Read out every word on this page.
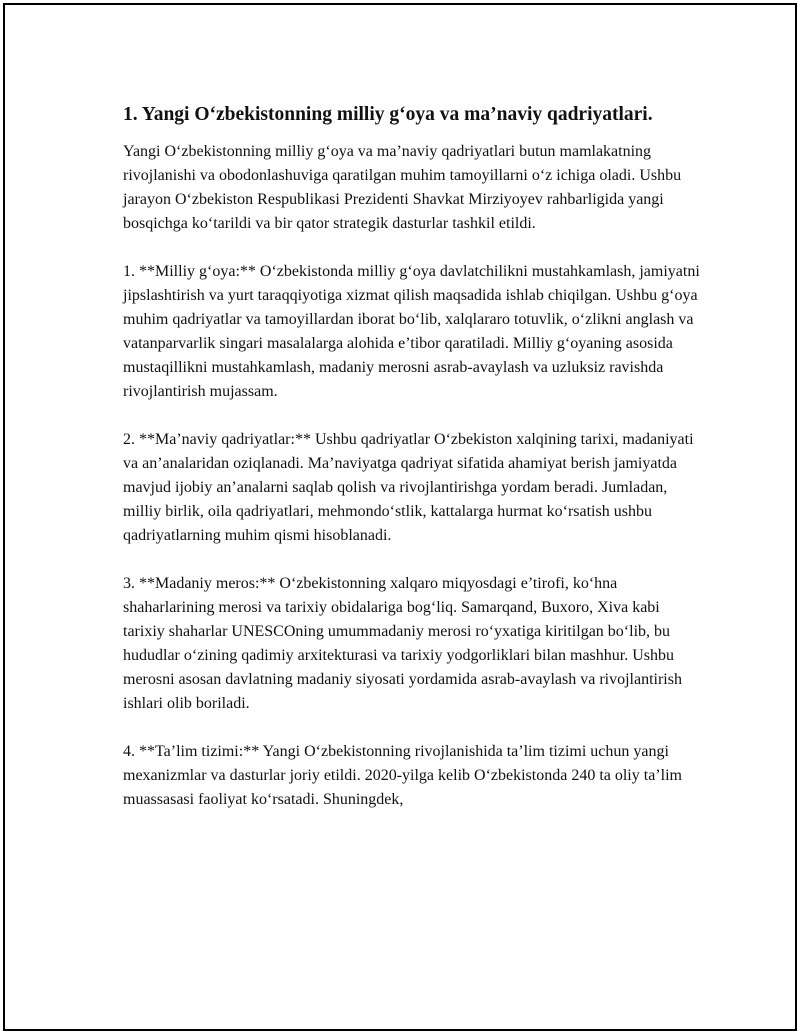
1. Yangi O‘zbekistonning milliy g‘oya va ma’naviy qadriyatlari.

Yangi O‘zbekistonning milliy g‘oya va ma’naviy qadriyatlari butun mamlakatning rivojlanishi va obodonlashuviga qaratilgan muhim tamoyillarni o‘z ichiga oladi. Ushbu jarayon O‘zbekiston Respublikasi Prezidenti Shavkat Mirziyoyev rahbarligida yangi bosqichga ko‘tarildi va bir qator strategik dasturlar tashkil etildi.

1. **Milliy g‘oya:** O‘zbekistonda milliy g‘oya davlatchilikni mustahkamlash, jamiyatni jipslashtirish va yurt taraqqiyotiga xizmat qilish maqsadida ishlab chiqilgan. Ushbu g‘oya muhim qadriyatlar va tamoyillardan iborat bo‘lib, xalqlararo totuvlik, o‘zlikni anglash va vatanparvarlik singari masalalarga alohida e’tibor qaratiladi. Milliy g‘oyaning asosida mustaqillikni mustahkamlash, madaniy merosni asrab-avaylash va uzluksiz ravishda rivojlantirish mujassam.

2. **Ma’naviy qadriyatlar:** Ushbu qadriyatlar O‘zbekiston xalqining tarixi, madaniyati va an’analaridan oziqlanadi. Ma’naviyatga qadriyat sifatida ahamiyat berish jamiyatda mavjud ijobiy an’analarni saqlab qolish va rivojlantirishga yordam beradi. Jumladan, milliy birlik, oila qadriyatlari, mehmondo‘stlik, kattalarga hurmat ko‘rsatish ushbu qadriyatlarning muhim qismi hisoblanadi.

3. **Madaniy meros:** O‘zbekistonning xalqaro miqyosdagi e’tirofi, ko‘hna shaharlarining merosi va tarixiy obidalariga bog‘liq. Samarqand, Buxoro, Xiva kabi tarixiy shaharlar UNESCOning umummadaniy merosi ro‘yxatiga kiritilgan bo‘lib, bu hududlar o‘zining qadimiy arxitekturasi va tarixiy yodgorliklari bilan mashhur. Ushbu merosni asosan davlatning madaniy siyosati yordamida asrab-avaylash va rivojlantirish ishlari olib boriladi.

4. **Ta’lim tizimi:** Yangi O‘zbekistonning rivojlanishida ta’lim tizimi uchun yangi mexanizmlar va dasturlar joriy etildi. 2020-yilga kelib O‘zbekistonda 240 ta oliy ta’lim muassasasi faoliyat ko‘rsatadi. Shuningdek,
